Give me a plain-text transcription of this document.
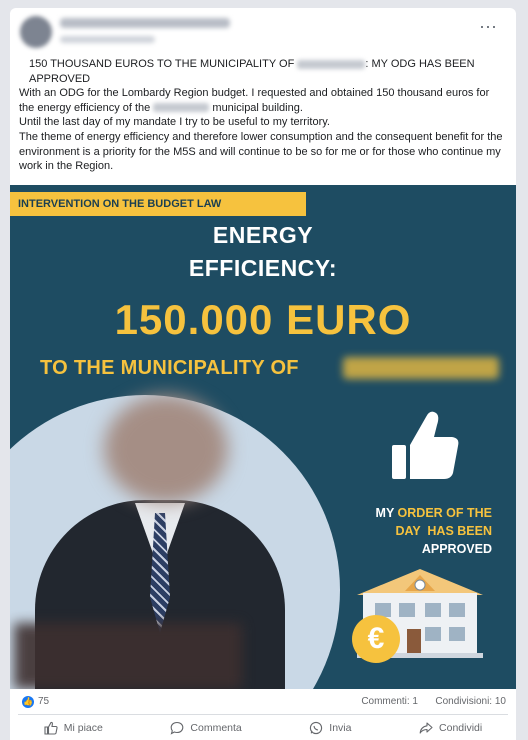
···

150 THOUSAND EUROS TO THE MUNICIPALITY OF	: MY ODG HAS BEEN APPROVED

With an ODG for the Lombardy Region budget. I requested and obtained 150 thousand euros for the energy efficiency of the	municipal building.

Until the last day of my mandate I try to be useful to my territory.

The theme of energy efficiency and therefore lower consumption and the consequent benefit for the environment is a priority for the M5S and will continue to be so for me or for those who continue my work in the Region.

INTERVENTION ON THE BUDGET LAW
ENERGY
EFFICIENCY:
150.000 EURO
TO THE MUNICIPALITY OF
MY ORDER OF THE
DAY  HAS BEEN
APPROVED
€
👍 75	Commenti: 1 Condivisioni: 10
Mi piace	Commenta	Invia	Condividi
